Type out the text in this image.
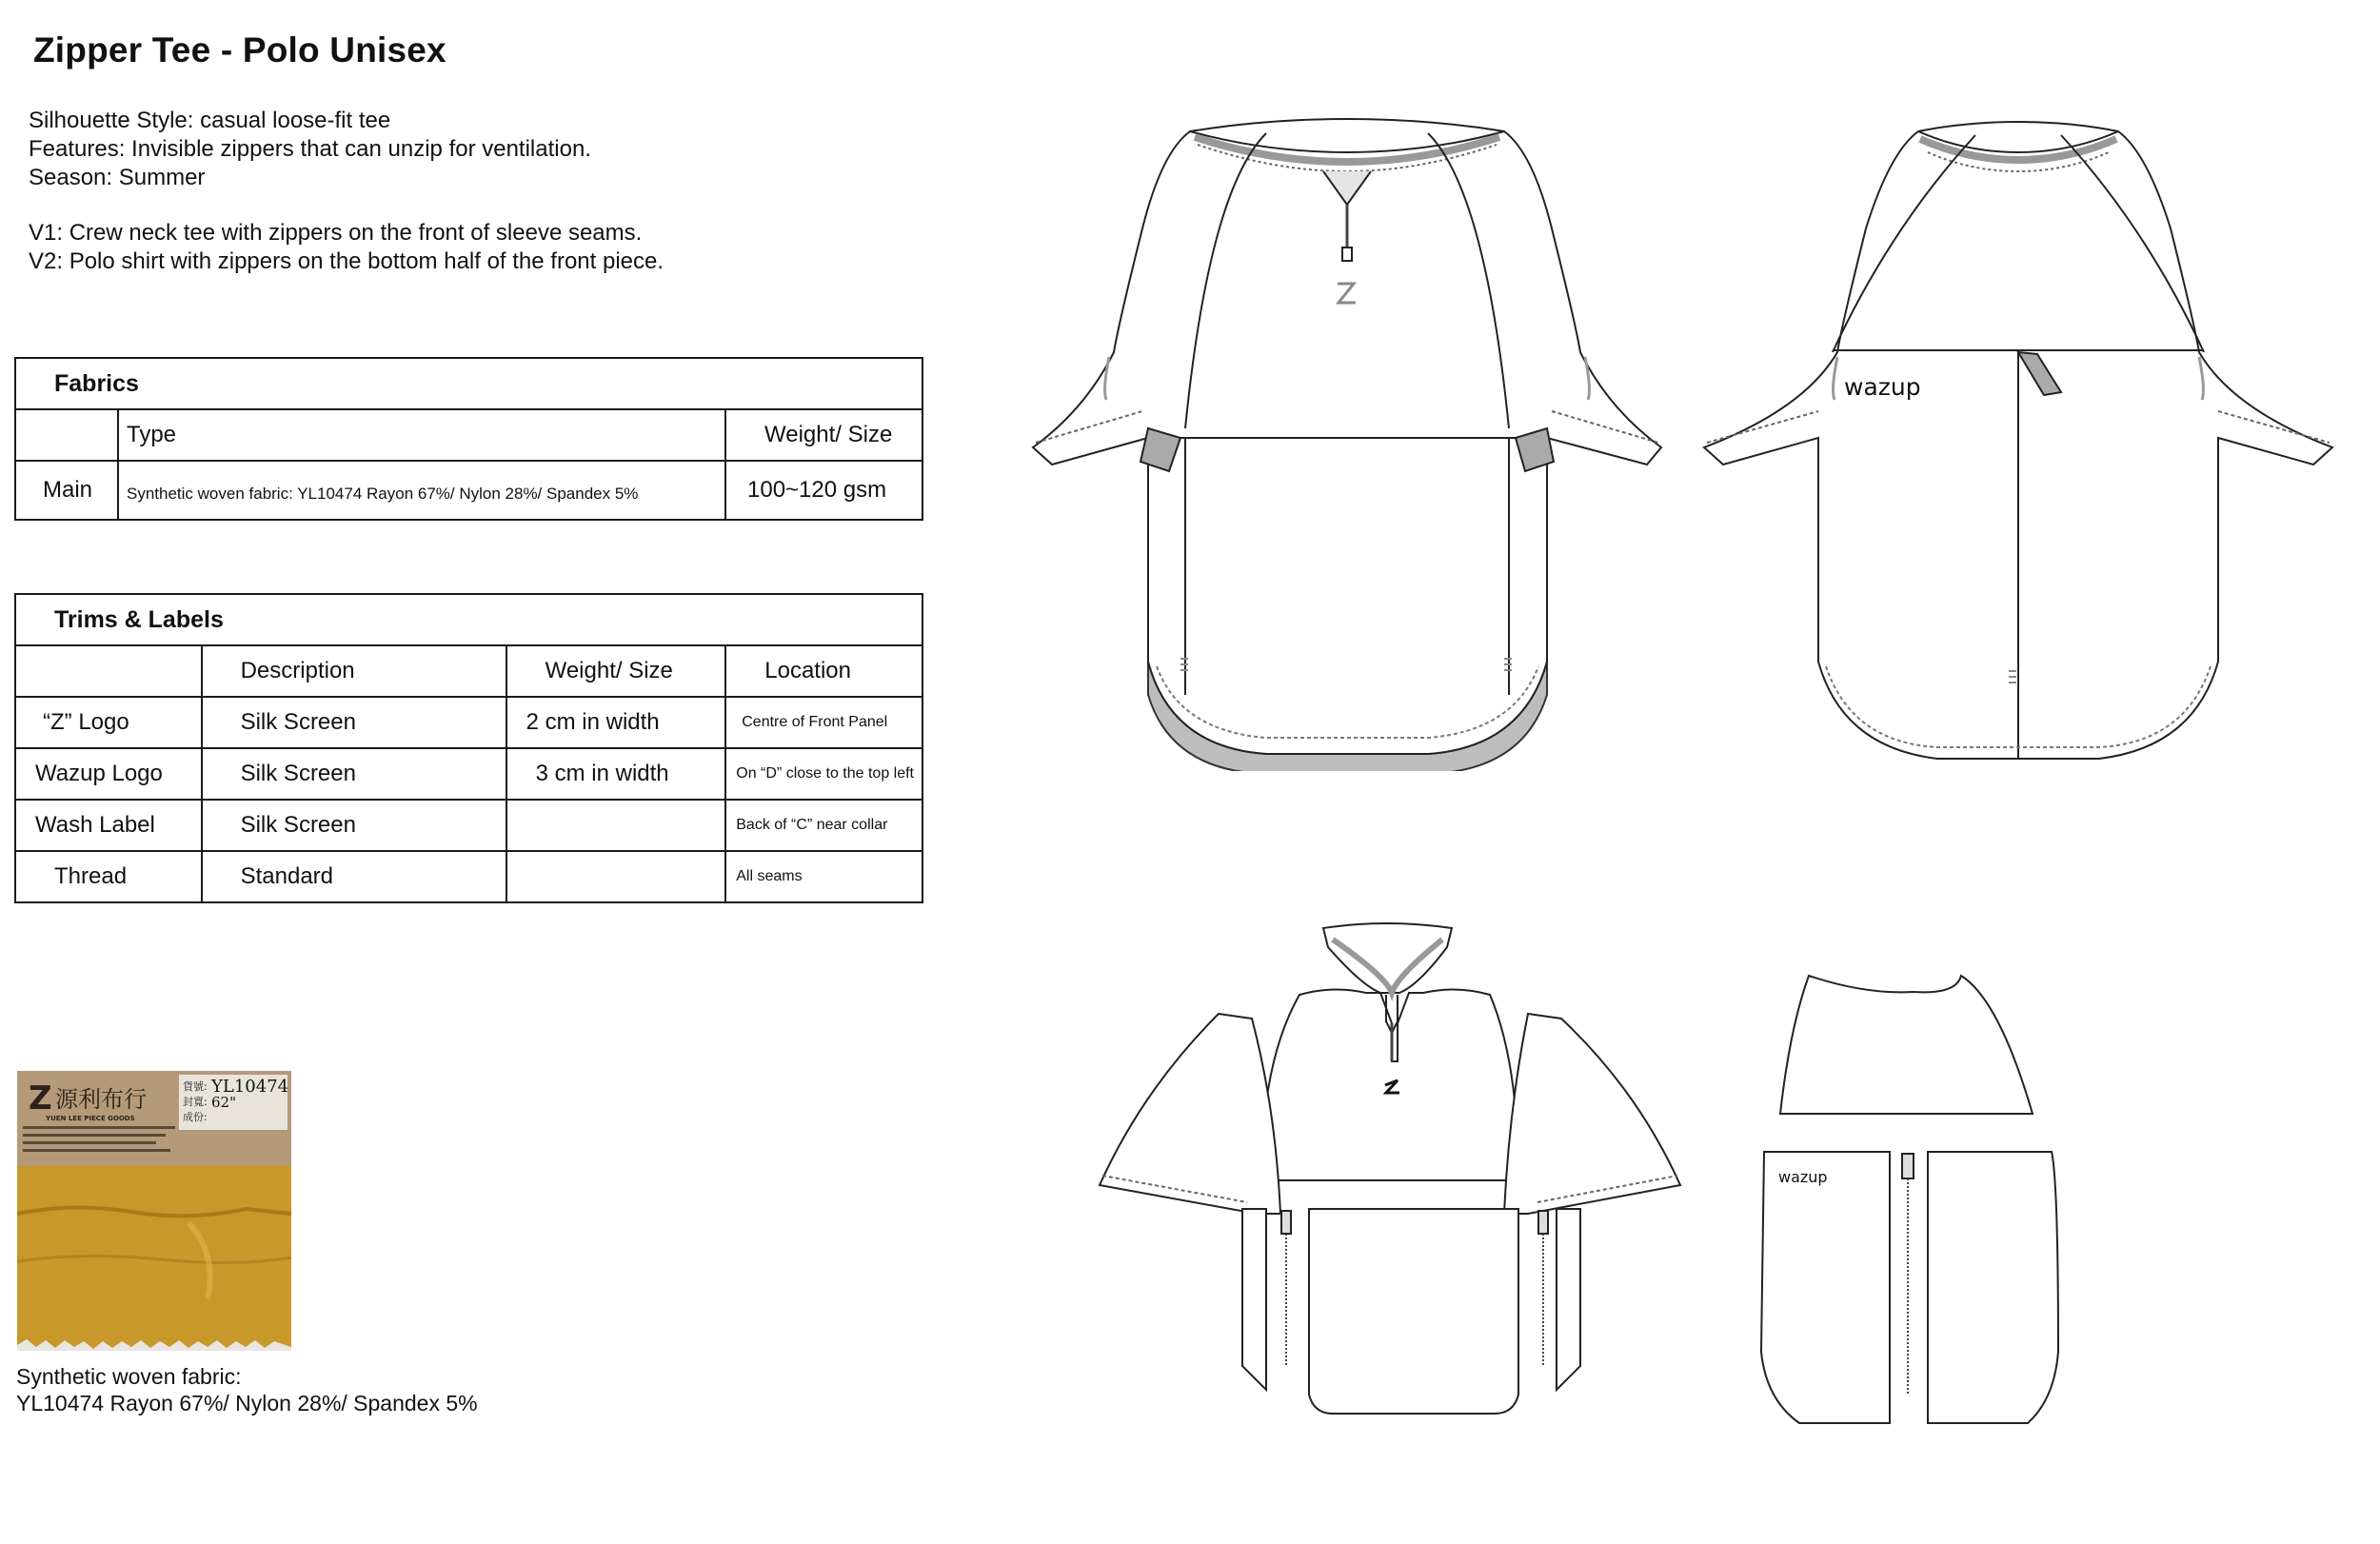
Zipper Tee - Polo Unisex
Silhouette Style: casual loose-fit tee
Features: Invisible zippers that can unzip for ventilation.
Season: Summer
V1: Crew neck tee with zippers on the front of sleeve seams.
V2: Polo shirt with zippers on the bottom half of the front piece.
Fabrics		
	Type	Weight/ Size
Main	Synthetic woven fabric: YL10474 Rayon 67%/ Nylon 28%/ Spandex 5%	100~120 gsm
Trims & Labels			
	Description	Weight/ Size	Location
“Z” Logo	Silk Screen	2 cm in width	Centre of Front Panel
Wazup Logo	Silk Screen	3 cm in width	On “D” close to the top left
Wash Label	Silk Screen		Back of “C” near collar
Thread	Standard		All seams
Z 源利布行
YUEN LEE PIECE GOODS
貨號: YL10474
封寬: 62"
成份:
Synthetic woven fabric:
YL10474 Rayon 67%/ Nylon 28%/ Spandex 5%
wazup
wazup
